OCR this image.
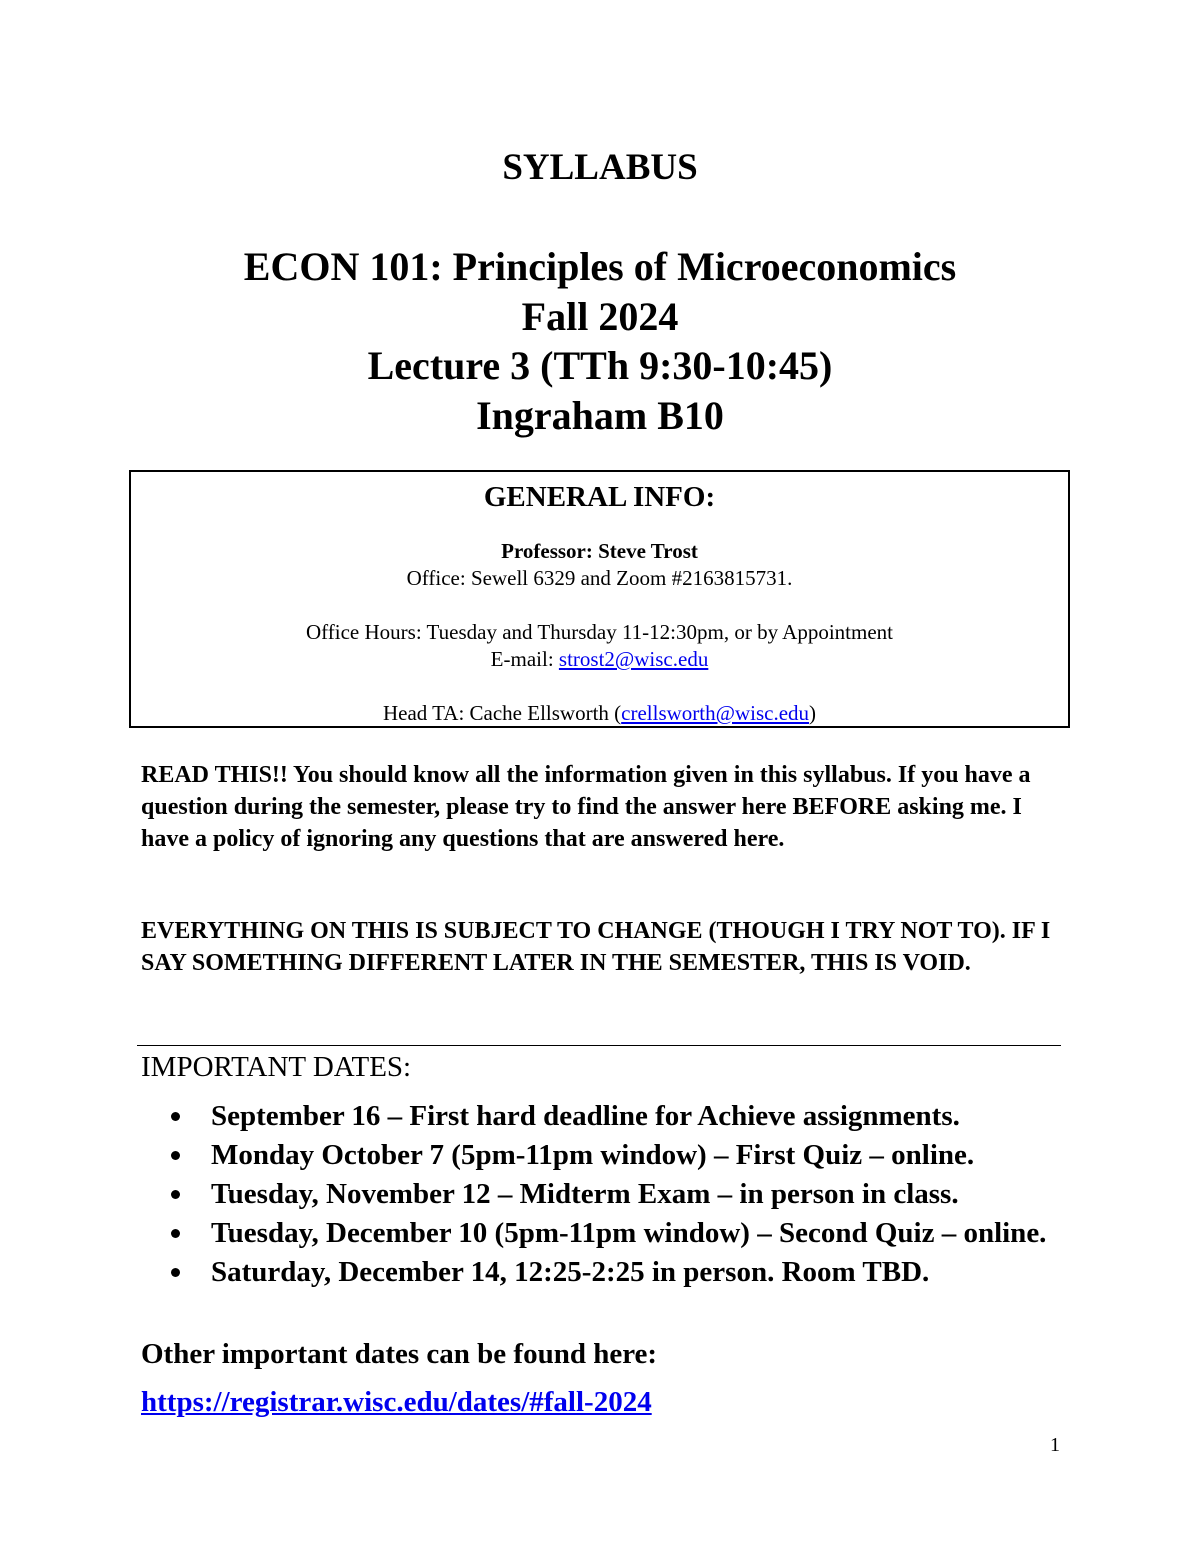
SYLLABUS
ECON 101: Principles of Microeconomics
Fall 2024
Lecture 3 (TTh 9:30-10:45)
Ingraham B10
GENERAL INFO:
Professor: Steve Trost
Office: Sewell 6329 and Zoom #2163815731.
Office Hours: Tuesday and Thursday 11-12:30pm, or by Appointment
E-mail: strost2@wisc.edu
Head TA: Cache Ellsworth (crellsworth@wisc.edu)
READ THIS!! You should know all the information given in this syllabus. If you have a question during the semester, please try to find the answer here BEFORE asking me. I have a policy of ignoring any questions that are answered here.
EVERYTHING ON THIS IS SUBJECT TO CHANGE (THOUGH I TRY NOT TO). IF I SAY SOMETHING DIFFERENT LATER IN THE SEMESTER, THIS IS VOID.
IMPORTANT DATES:
September 16 – First hard deadline for Achieve assignments.
Monday October 7 (5pm-11pm window) – First Quiz – online.
Tuesday, November 12 – Midterm Exam – in person in class.
Tuesday, December 10 (5pm-11pm window) – Second Quiz – online.
Saturday, December 14, 12:25-2:25 in person. Room TBD.
Other important dates can be found here:
https://registrar.wisc.edu/dates/#fall-2024
1
